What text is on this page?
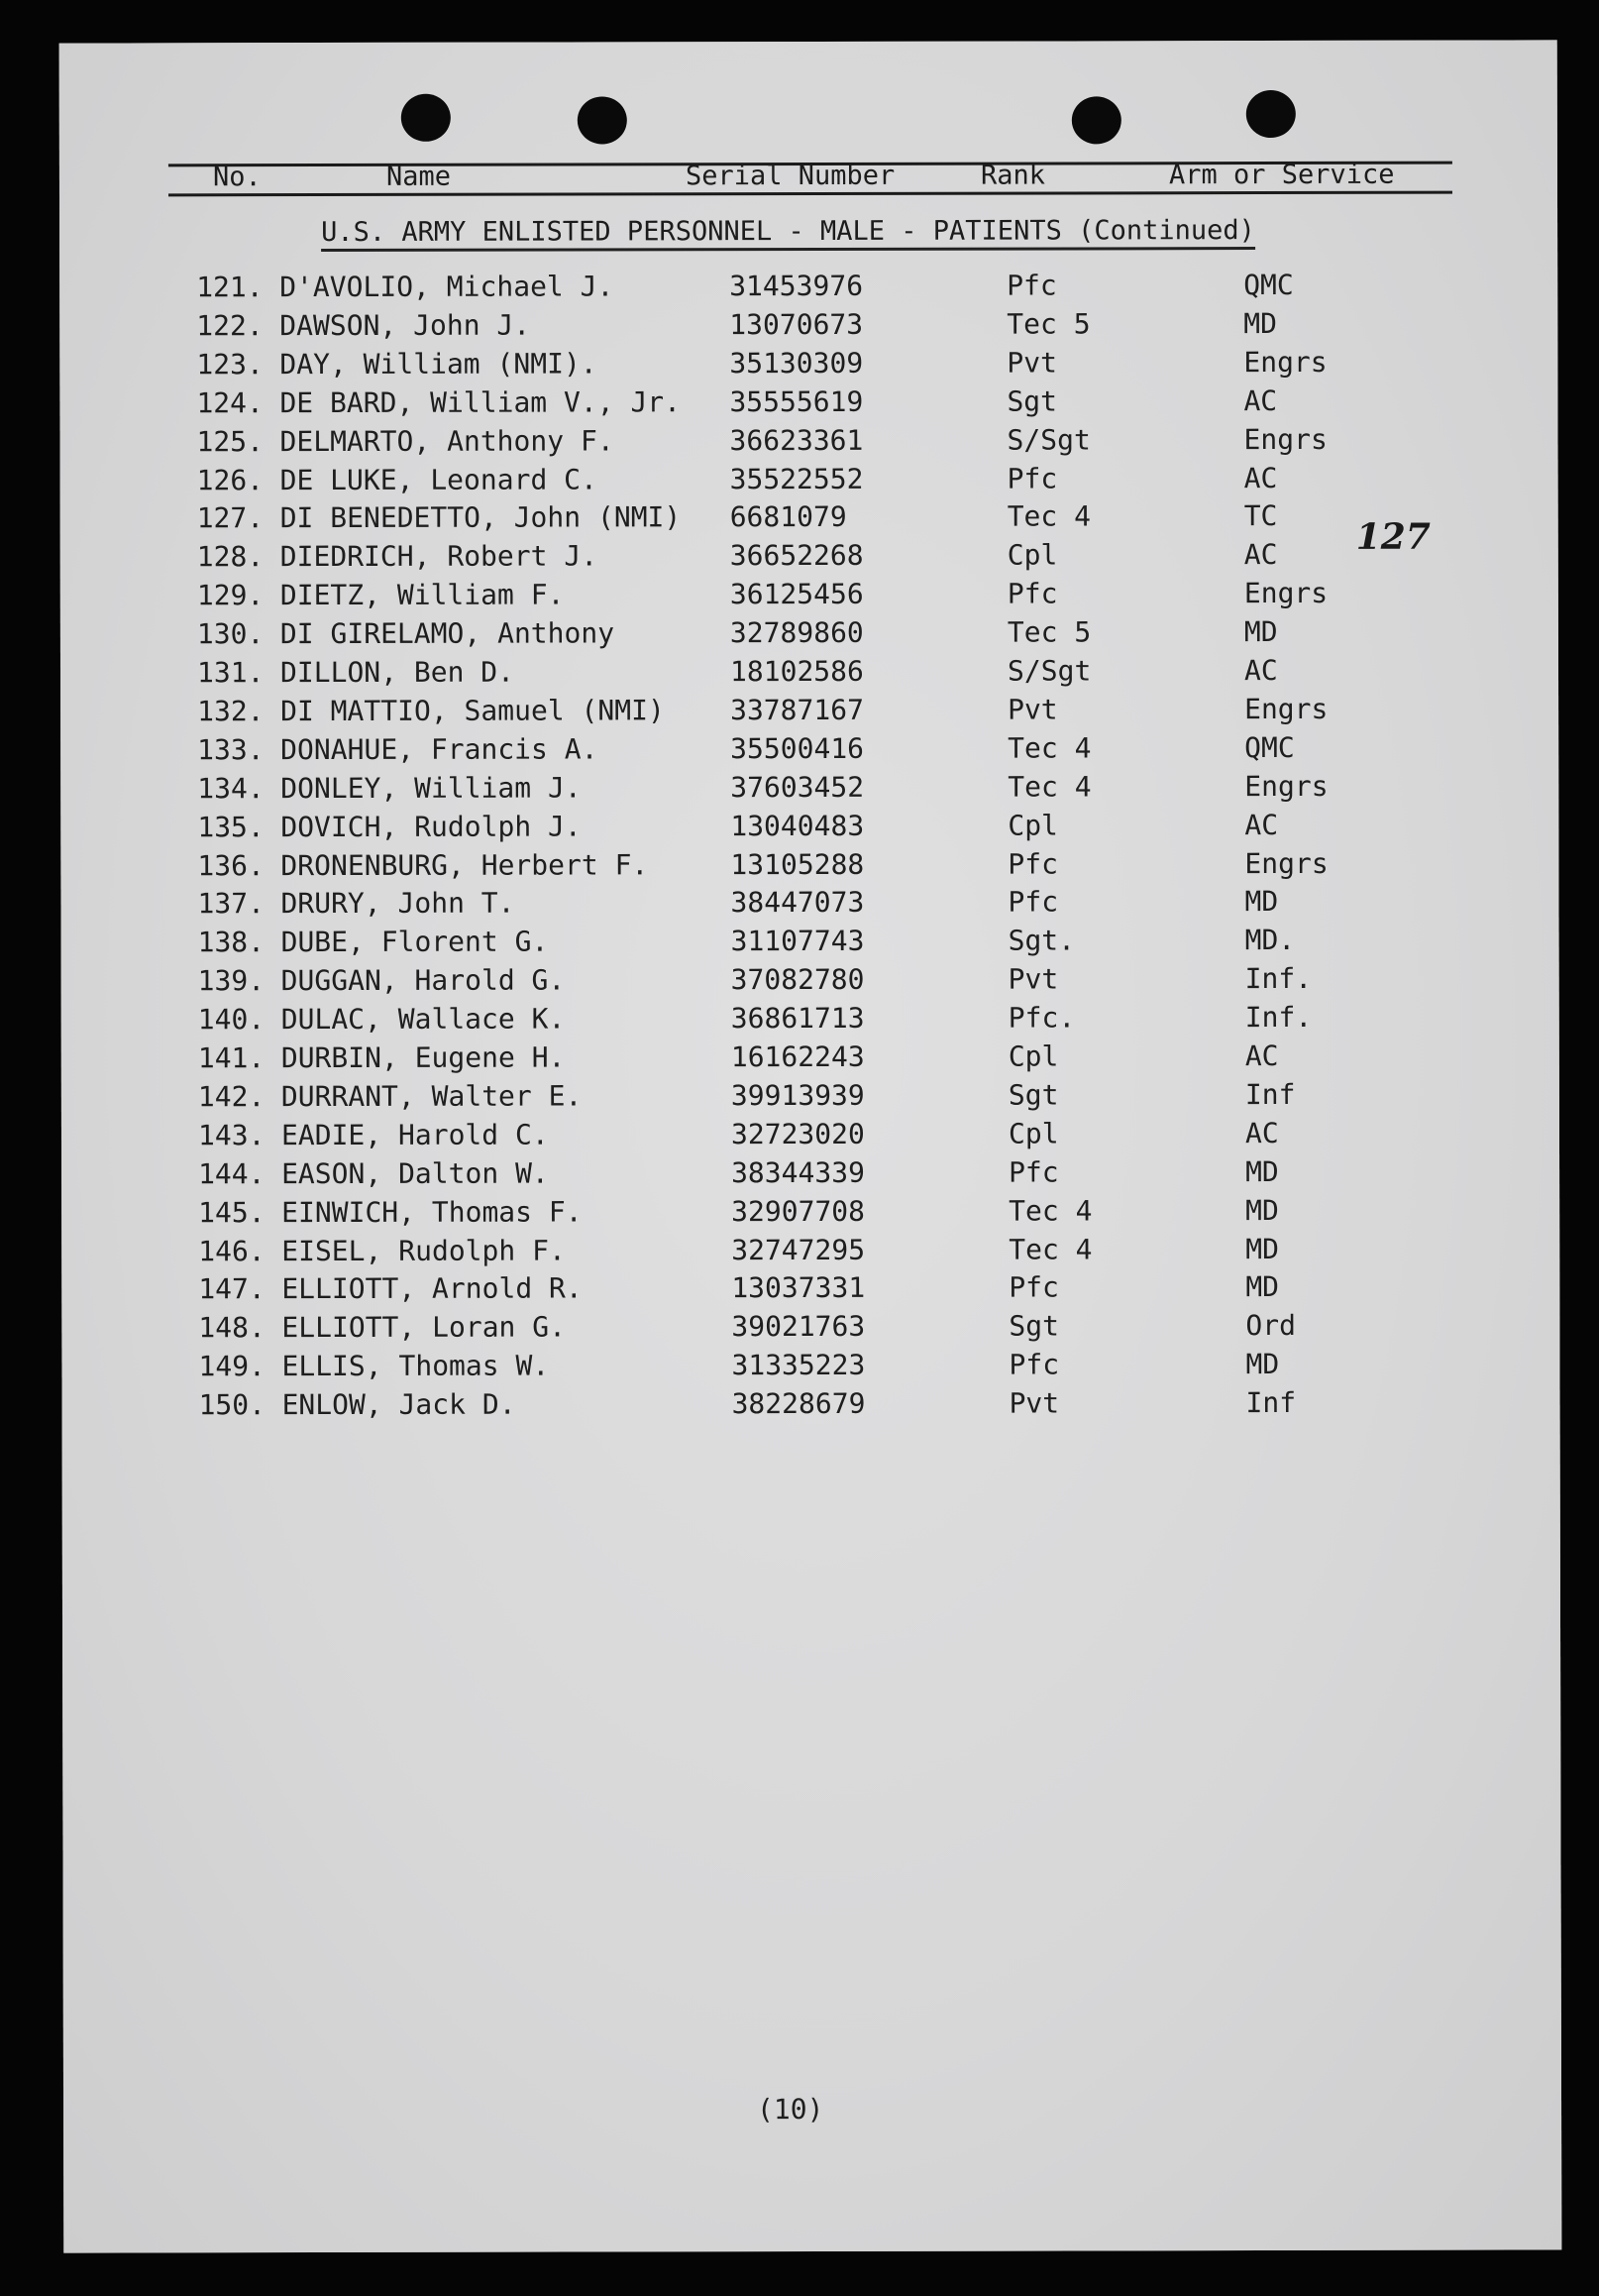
No.	Name	Serial Number	Rank	Arm or Service
U.S. ARMY ENLISTED PERSONNEL - MALE - PATIENTS (Continued)
121. D'AVOLIO, Michael J.	31453976	Pfc	QMC
122. DAWSON, John J.	13070673	Tec 5	MD
123. DAY, William (NMI).	35130309	Pvt	Engrs
124. DE BARD, William V., Jr. 35555619	Sgt	AC
125. DELMARTO, Anthony F.	36623361	S/Sgt	Engrs
126. DE LUKE, Leonard C.	35522552	Pfc	AC
127. DI BENEDETTO, John (NMI) 6681079	Tec 4	TC
128. DIEDRICH, Robert J.	36652268	Cpl	AC
129. DIETZ, William F.	36125456	Pfc	Engrs
130. DI GIRELAMO, Anthony	32789860	Tec 5	MD
131. DILLON, Ben D.	18102586	S/Sgt	AC
132. DI MATTIO, Samuel (NMI) 33787167	Pvt	Engrs
133. DONAHUE, Francis A.	35500416	Tec 4	QMC
134. DONLEY, William J.	37603452	Tec 4	Engrs
135. DOVICH, Rudolph J.	13040483	Cpl	AC
136. DRONENBURG, Herbert F.	13105288	Pfc	Engrs
137. DRURY, John T.	38447073	Pfc	MD
138. DUBE, Florent G.	31107743	Sgt.	MD.
139. DUGGAN, Harold G.	37082780	Pvt	Inf.
140. DULAC, Wallace K.	36861713	Pfc.	Inf.
141. DURBIN, Eugene H.	16162243	Cpl	AC
142. DURRANT, Walter E.	39913939	Sgt	Inf
143. EADIE, Harold C.	32723020	Cpl	AC
144. EASON, Dalton W.	38344339	Pfc	MD
145. EINWICH, Thomas F.	32907708	Tec 4	MD
146. EISEL, Rudolph F.	32747295	Tec 4	MD
147. ELLIOTT, Arnold R.	13037331	Pfc	MD
148. ELLIOTT, Loran G.	39021763	Sgt	Ord
149. ELLIS, Thomas W.	31335223	Pfc	MD
150. ENLOW, Jack D.	38228679	Pvt	Inf
127
(10)
